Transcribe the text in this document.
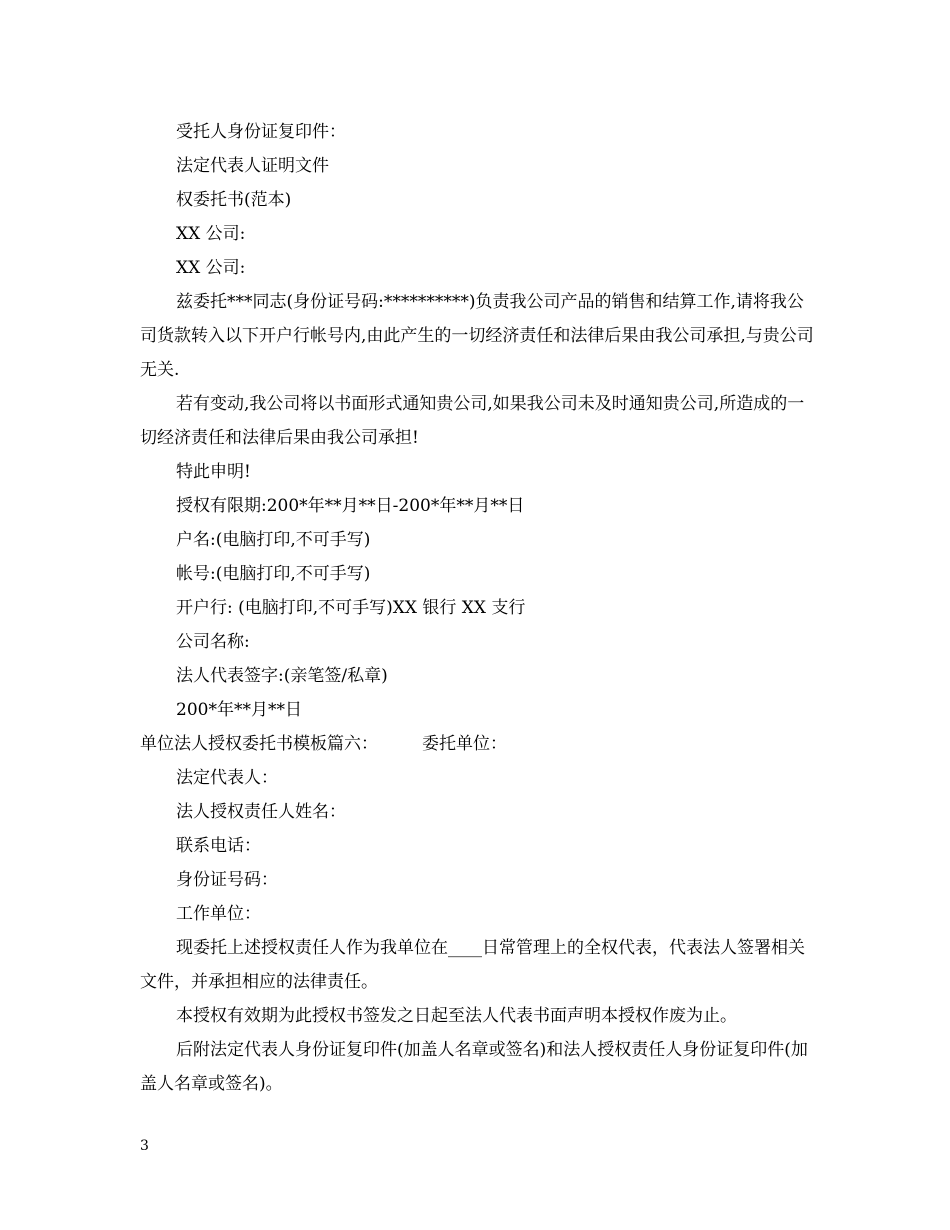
受托人身份证复印件：

法定代表人证明文件

权委托书(范本)

XX 公司:

XX 公司:

兹委托***同志(身份证号码:**********)负责我公司产品的销售和结算工作,请将我公司货款转入以下开户行帐号内,由此产生的一切经济责任和法律后果由我公司承担,与贵公司无关.

若有变动,我公司将以书面形式通知贵公司,如果我公司未及时通知贵公司,所造成的一切经济责任和法律后果由我公司承担!

特此申明!

授权有限期:200*年**月**日-200*年**月**日

户名:(电脑打印,不可手写)

帐号:(电脑打印,不可手写)

开户行: (电脑打印,不可手写)XX 银行 XX 支行

公司名称:

法人代表签字:(亲笔签/私章)

200*年**月**日

单位法人授权委托书模板篇六：	委托单位：

法定代表人：

法人授权责任人姓名：

联系电话：

身份证号码：

工作单位：

现委托上述授权责任人作为我单位在____日常管理上的全权代表，代表法人签署相关文件，并承担相应的法律责任。

本授权有效期为此授权书签发之日起至法人代表书面声明本授权作废为止。

后附法定代表人身份证复印件(加盖人名章或签名)和法人授权责任人身份证复印件(加盖人名章或签名)。

3
